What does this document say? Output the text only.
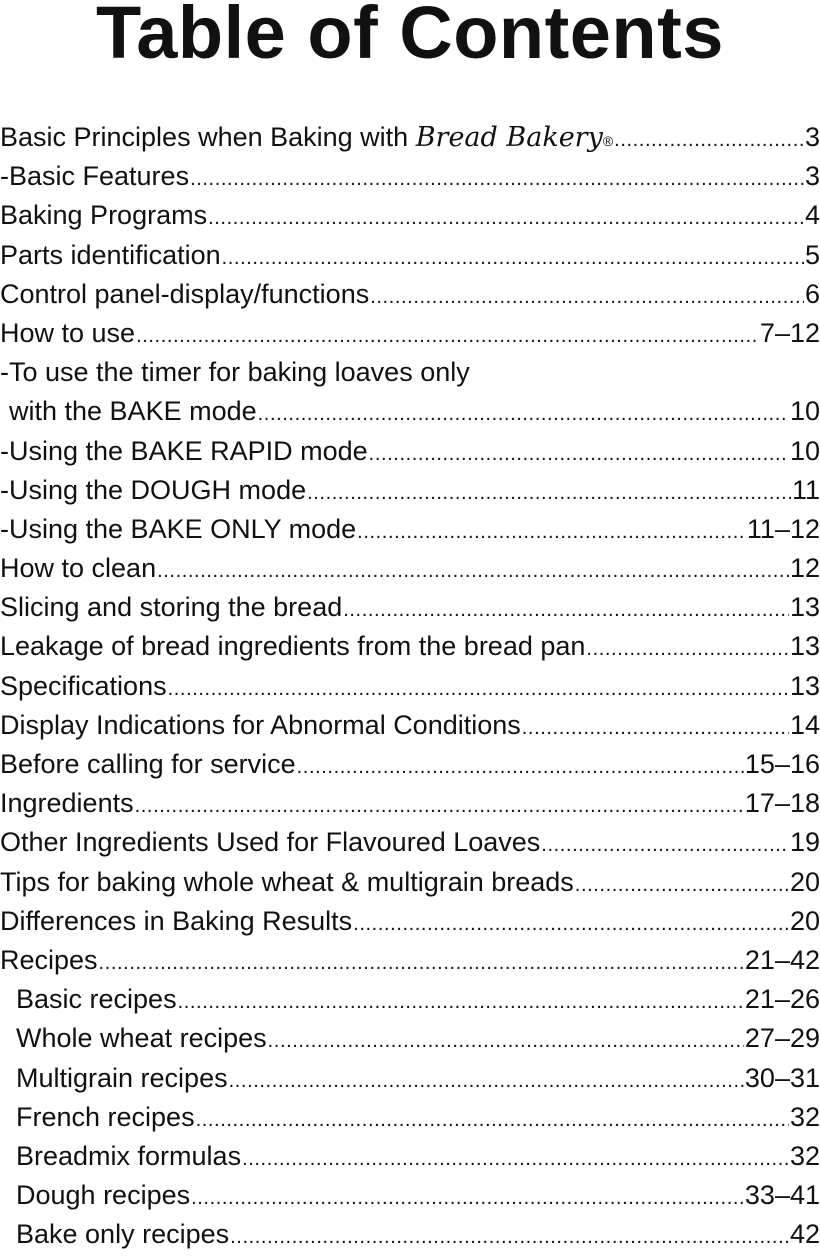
Table of Contents
Basic Principles when Baking with Bread Bakery® .....	3
-Basic Features .....	3
Baking Programs .....	4
Parts identification .....	5
Control panel-display/functions .....	6
How to use .....	7–12
-To use the timer for baking loaves only
with the BAKE mode .....	10
-Using the BAKE RAPID mode .....	10
-Using the DOUGH mode .....	11
-Using the BAKE ONLY mode .....	11–12
How to clean .....	12
Slicing and storing the bread .....	13
Leakage of bread ingredients from the bread pan .....	13
Specifications .....	13
Display Indications for Abnormal Conditions .....	14
Before calling for service .....	15–16
Ingredients .....	17–18
Other Ingredients Used for Flavoured Loaves .....	19
Tips for baking whole wheat & multigrain breads .....	20
Differences in Baking Results .....	20
Recipes .....	21–42
Basic recipes .....	21–26
Whole wheat recipes .....	27–29
Multigrain recipes .....	30–31
French recipes .....	32
Breadmix formulas .....	32
Dough recipes .....	33–41
Bake only recipes .....	42
